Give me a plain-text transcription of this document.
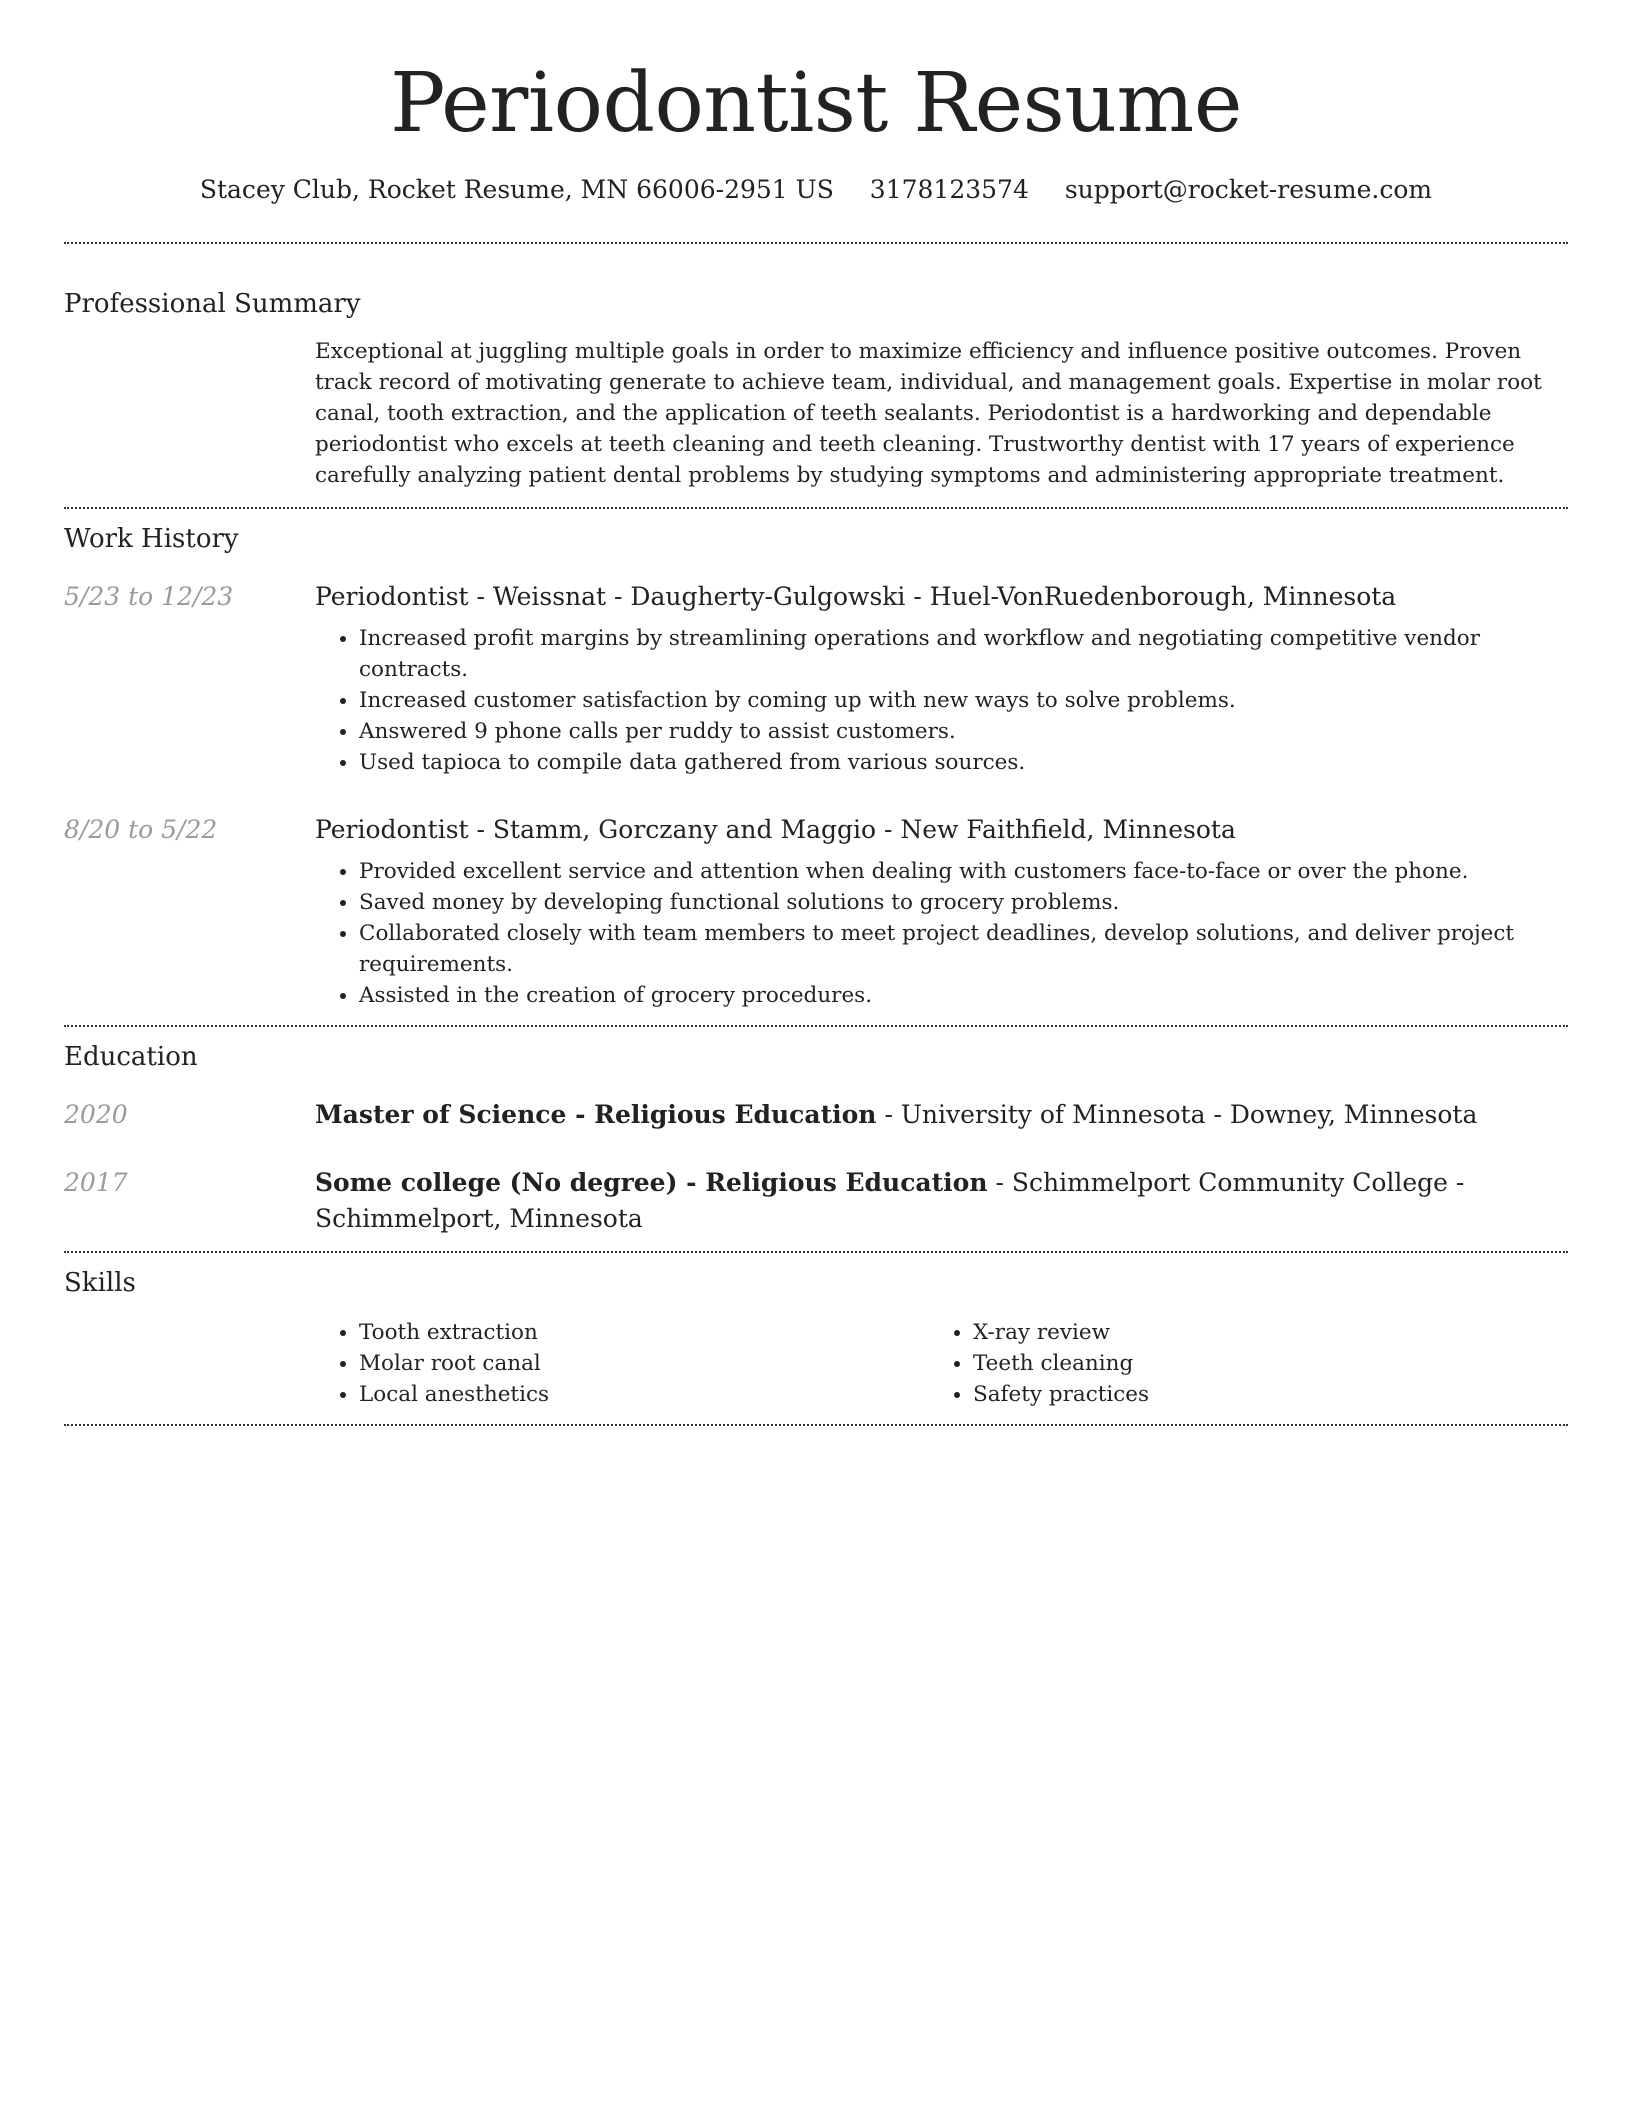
Periodontist Resume
Stacey Club, Rocket Resume, MN 66006-2951 US 3178123574 support@rocket-resume.com
Professional Summary
Exceptional at juggling multiple goals in order to maximize efficiency and influence positive outcomes. Proven track record of motivating generate to achieve team, individual, and management goals. Expertise in molar root canal, tooth extraction, and the application of teeth sealants. Periodontist is a hardworking and dependable periodontist who excels at teeth cleaning and teeth cleaning. Trustworthy dentist with 17 years of experience carefully analyzing patient dental problems by studying symptoms and administering appropriate treatment.
Work History
5/23 to 12/23	Periodontist - Weissnat - Daugherty-Gulgowski - Huel-VonRuedenborough, Minnesota
• Increased profit margins by streamlining operations and workflow and negotiating competitive vendor contracts.
• Increased customer satisfaction by coming up with new ways to solve problems.
• Answered 9 phone calls per ruddy to assist customers.
• Used tapioca to compile data gathered from various sources.
8/20 to 5/22	Periodontist - Stamm, Gorczany and Maggio - New Faithfield, Minnesota
• Provided excellent service and attention when dealing with customers face-to-face or over the phone.
• Saved money by developing functional solutions to grocery problems.
• Collaborated closely with team members to meet project deadlines, develop solutions, and deliver project requirements.
• Assisted in the creation of grocery procedures.
Education
2020	Master of Science - Religious Education - University of Minnesota - Downey, Minnesota
2017	Some college (No degree) - Religious Education - Schimmelport Community College - Schimmelport, Minnesota
Skills
• Tooth extraction
• Molar root canal
• Local anesthetics
• X-ray review
• Teeth cleaning
• Safety practices
